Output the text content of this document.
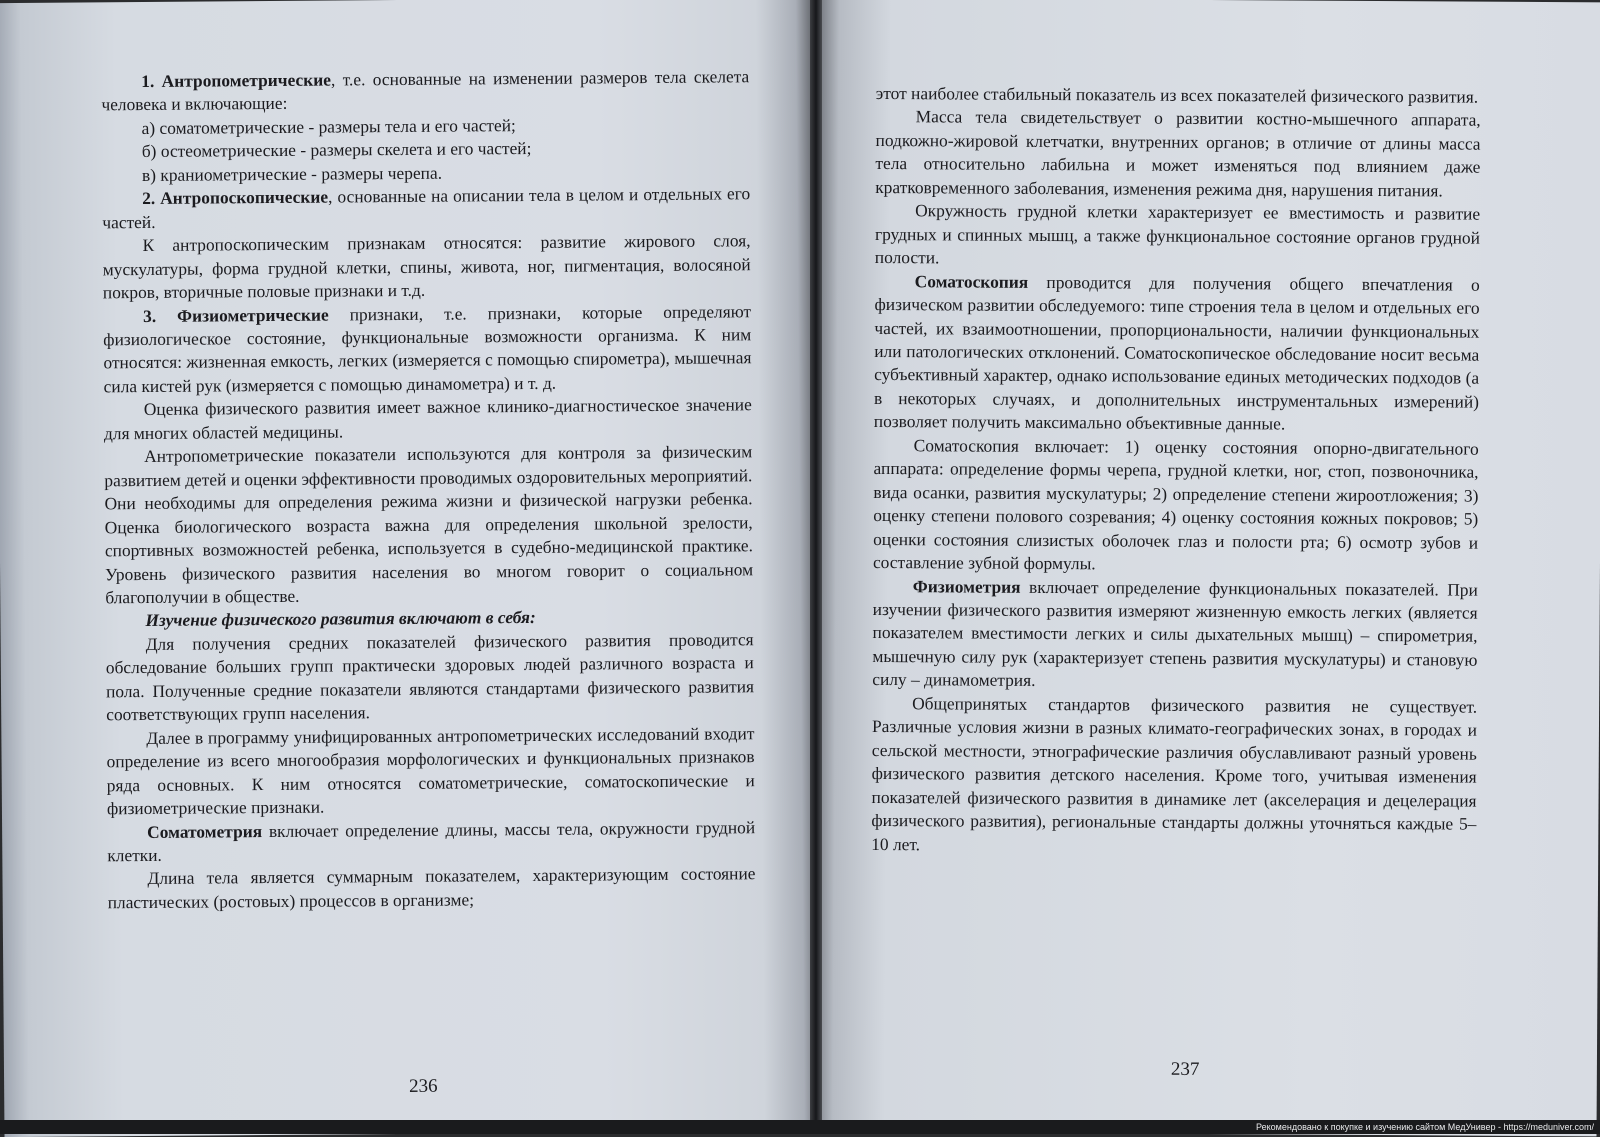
1. Антропометрические, т.е. основанные на изменении размеров тела скелета человека и включающие:

а) соматометрические - размеры тела и его частей;

б) остеометрические - размеры скелета и его частей;

в) краниометрические - размеры черепа.

2. Антропоскопические, основанные на описании тела в целом и отдельных его частей.

К антропоскопическим признакам относятся: развитие жирового слоя, мускулатуры, форма грудной клетки, спины, живота, ног, пигментация, волосяной покров, вторичные половые признаки и т.д.

3. Физиометрические признаки, т.е. признаки, которые определяют физиологическое состояние, функциональные возможности организма. К ним относятся: жизненная емкость, легких (измеряется с помощью спирометра), мышечная сила кистей рук (измеряется с помощью динамометра) и т. д.

Оценка физического развития имеет важное клинико-диагностическое значение для многих областей медицины.

Антропометрические показатели используются для контроля за физическим развитием детей и оценки эффективности проводимых оздоровительных мероприятий. Они необходимы для определения режима жизни и физической нагрузки ребенка. Оценка биологического возраста важна для определения школьной зрелости, спортивных возможностей ребенка, используется в судебно-медицинской практике. Уровень физического развития населения во многом говорит о социальном благополучии в обществе.

Изучение физического развития включают в себя:

Для получения средних показателей физического развития проводится обследование больших групп практически здоровых людей различного возраста и пола. Полученные средние показатели являются стандартами физического развития соответствующих групп населения.

Далее в программу унифицированных антропометрических исследований входит определение из всего многообразия морфологических и функциональных признаков ряда основных. К ним относятся соматометрические, соматоскопические и физиометрические признаки.

Соматометрия включает определение длины, массы тела, окружности грудной клетки.

Длина тела является суммарным показателем, характеризующим состояние пластических (ростовых) процессов в организме;

236

этот наиболее стабильный показатель из всех показателей физического развития.

Масса тела свидетельствует о развитии костно-мышечного аппарата, подкожно-жировой клетчатки, внутренних органов; в отличие от длины масса тела относительно лабильна и может изменяться под влиянием даже кратковременного заболевания, изменения режима дня, нарушения питания.

Окружность грудной клетки характеризует ее вместимость и развитие грудных и спинных мышц, а также функциональное состояние органов грудной полости.

Соматоскопия проводится для получения общего впечатления о физическом развитии обследуемого: типе строения тела в целом и отдельных его частей, их взаимоотношении, пропорциональности, наличии функциональных или патологических отклонений. Соматоскопическое обследование носит весьма субъективный характер, однако использование единых методических подходов (а в некоторых случаях, и дополнительных инструментальных измерений) позволяет получить максимально объективные данные.

Соматоскопия включает: 1) оценку состояния опорно-двигательного аппарата: определение формы черепа, грудной клетки, ног, стоп, позвоночника, вида осанки, развития мускулатуры; 2) определение степени жироотложения; 3) оценку степени полового созревания; 4) оценку состояния кожных покровов; 5) оценки состояния слизистых оболочек глаз и полости рта; 6) осмотр зубов и составление зубной формулы.

Физиометрия включает определение функциональных показателей. При изучении физического развития измеряют жизненную емкость легких (является показателем вместимости легких и силы дыхательных мышц) – спирометрия, мышечную силу рук (характеризует степень развития мускулатуры) и становую силу – динамометрия.

Общепринятых стандартов физического развития не существует. Различные условия жизни в разных климато-географических зонах, в городах и сельской местности, этнографические различия обуславливают разный уровень физического развития детского населения. Кроме того, учитывая изменения показателей физического развития в динамике лет (акселерация и децелерация физического развития), региональные стандарты должны уточняться каждые 5–10 лет.

237
Рекомендовано к покупке и изучению сайтом МедУнивер - https://meduniver.com/
